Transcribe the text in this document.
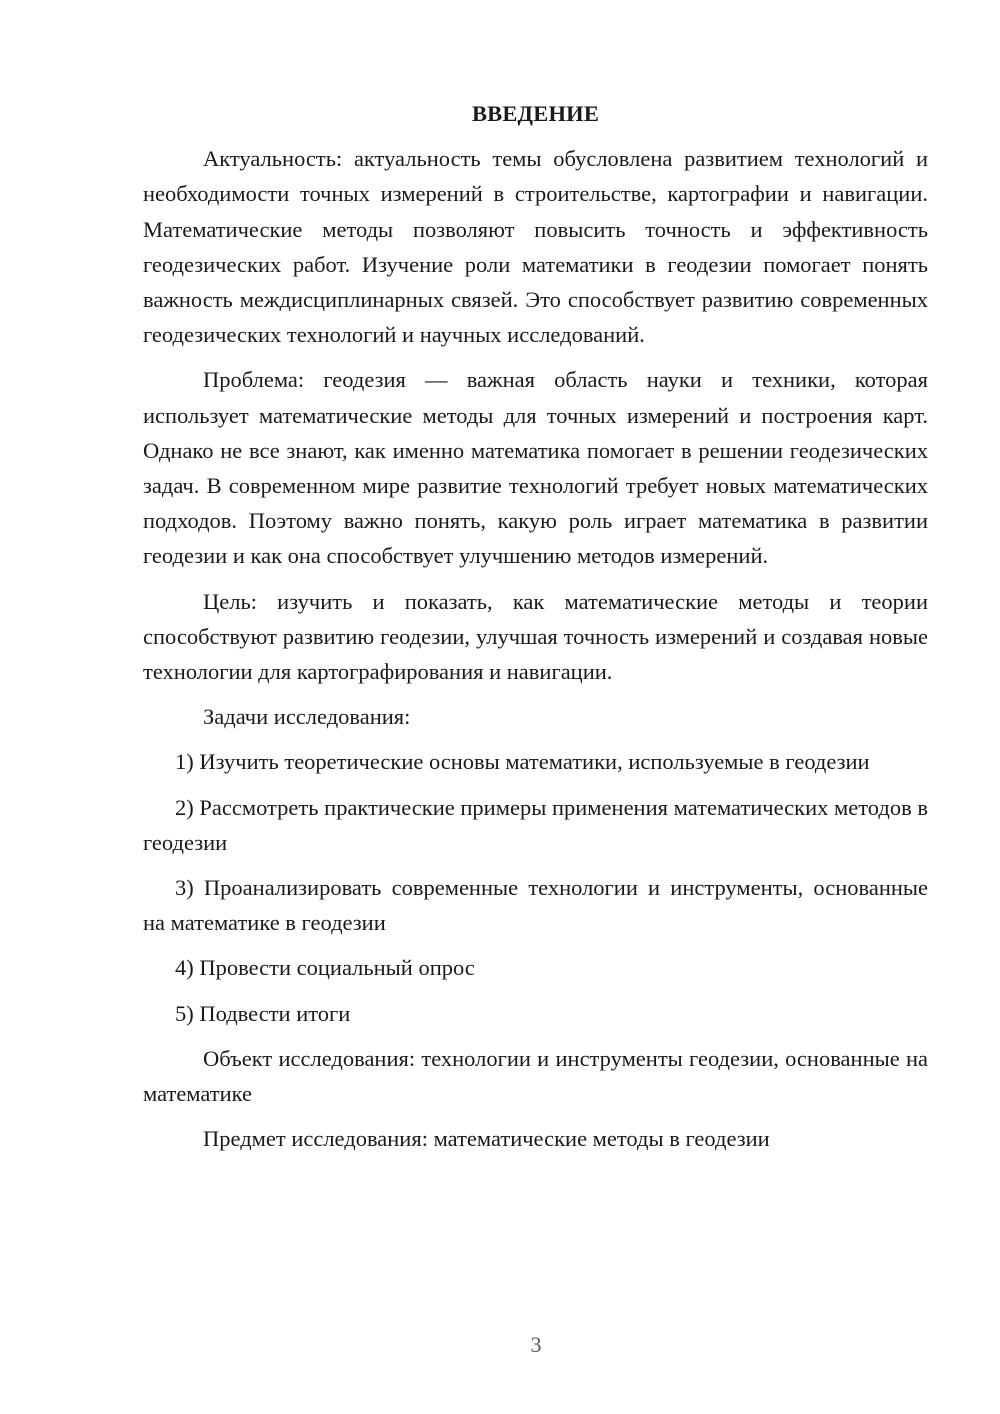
ВВЕДЕНИЕ

Актуальность: актуальность темы обусловлена развитием технологий и необходимости точных измерений в строительстве, картографии и навигации. Математические методы позволяют повысить точность и эффективность геодезических работ. Изучение роли математики в геодезии помогает понять важность междисциплинарных связей. Это способствует развитию современных геодезических технологий и научных исследований.

Проблема: геодезия — важная область науки и техники, которая использует математические методы для точных измерений и построения карт. Однако не все знают, как именно математика помогает в решении геодезических задач. В современном мире развитие технологий требует новых математических подходов. Поэтому важно понять, какую роль играет математика в развитии геодезии и как она способствует улучшению методов измерений.

Цель: изучить и показать, как математические методы и теории способствуют развитию геодезии, улучшая точность измерений и создавая новые технологии для картографирования и навигации.

Задачи исследования:

1) Изучить теоретические основы математики, используемые в геодезии

2) Рассмотреть практические примеры применения математических методов в геодезии

3) Проанализировать современные технологии и инструменты, основанные на математике в геодезии

4) Провести социальный опрос

5) Подвести итоги

Объект исследования: технологии и инструменты геодезии, основанные на математике

Предмет исследования: математические методы в геодезии

3
